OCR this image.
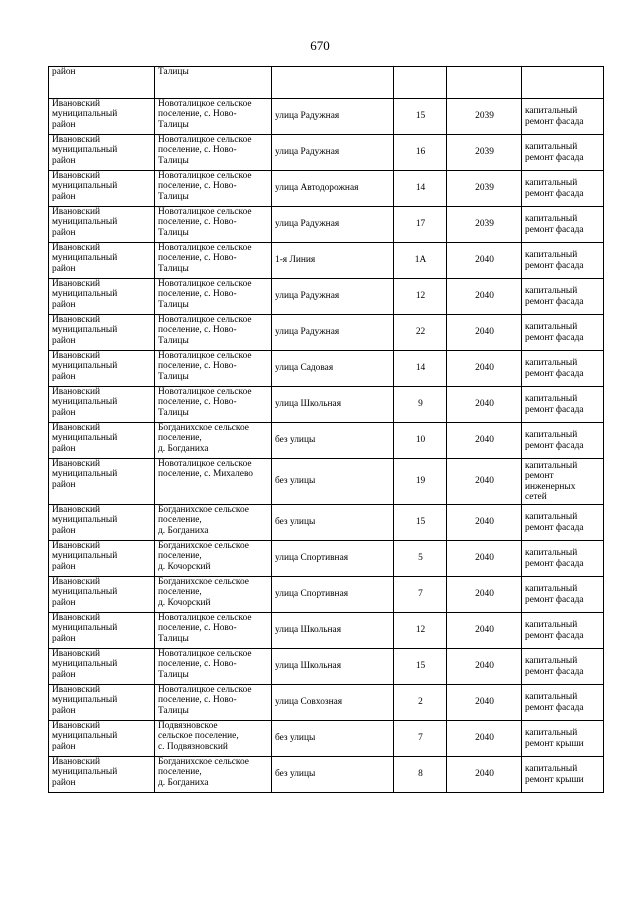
670
район	Талицы				

Ивановский
муниципальный
район	Новоталицкое сельское
поселение, с. Ново-
Талицы	улица Радужная	15	2039	капитальный
ремонт фасада

Ивановский
муниципальный
район	Новоталицкое сельское
поселение, с. Ново-
Талицы	улица Радужная	16	2039	капитальный
ремонт фасада

Ивановский
муниципальный
район	Новоталицкое сельское
поселение, с. Ново-
Талицы	улица Автодорожная	14	2039	капитальный
ремонт фасада

Ивановский
муниципальный
район	Новоталицкое сельское
поселение, с. Ново-
Талицы	улица Радужная	17	2039	капитальный
ремонт фасада

Ивановский
муниципальный
район	Новоталицкое сельское
поселение, с. Ново-
Талицы	1-я Линия	1А	2040	капитальный
ремонт фасада

Ивановский
муниципальный
район	Новоталицкое сельское
поселение, с. Ново-
Талицы	улица Радужная	12	2040	капитальный
ремонт фасада

Ивановский
муниципальный
район	Новоталицкое сельское
поселение, с. Ново-
Талицы	улица Радужная	22	2040	капитальный
ремонт фасада

Ивановский
муниципальный
район	Новоталицкое сельское
поселение, с. Ново-
Талицы	улица Садовая	14	2040	капитальный
ремонт фасада

Ивановский
муниципальный
район	Новоталицкое сельское
поселение, с. Ново-
Талицы	улица Школьная	9	2040	капитальный
ремонт фасада

Ивановский
муниципальный
район	Богданихское сельское
поселение,
д. Богданиха	без улицы	10	2040	капитальный
ремонт фасада

Ивановский
муниципальный
район	Новоталицкое сельское
поселение, с. Михалево	без улицы	19	2040	капитальный
ремонт
инженерных
сетей

Ивановский
муниципальный
район	Богданихское сельское
поселение,
д. Богданиха	без улицы	15	2040	капитальный
ремонт фасада

Ивановский
муниципальный
район	Богданихское сельское
поселение,
д. Кочорский	улица Спортивная	5	2040	капитальный
ремонт фасада

Ивановский
муниципальный
район	Богданихское сельское
поселение,
д. Кочорский	улица Спортивная	7	2040	капитальный
ремонт фасада

Ивановский
муниципальный
район	Новоталицкое сельское
поселение, с. Ново-
Талицы	улица Школьная	12	2040	капитальный
ремонт фасада

Ивановский
муниципальный
район	Новоталицкое сельское
поселение, с. Ново-
Талицы	улица Школьная	15	2040	капитальный
ремонт фасада

Ивановский
муниципальный
район	Новоталицкое сельское
поселение, с. Ново-
Талицы	улица Совхозная	2	2040	капитальный
ремонт фасада

Ивановский
муниципальный
район	Подвязновское
сельское поселение,
с. Подвязновский	без улицы	7	2040	капитальный
ремонт крыши

Ивановский
муниципальный
район	Богданихское сельское
поселение,
д. Богданиха	без улицы	8	2040	капитальный
ремонт крыши
